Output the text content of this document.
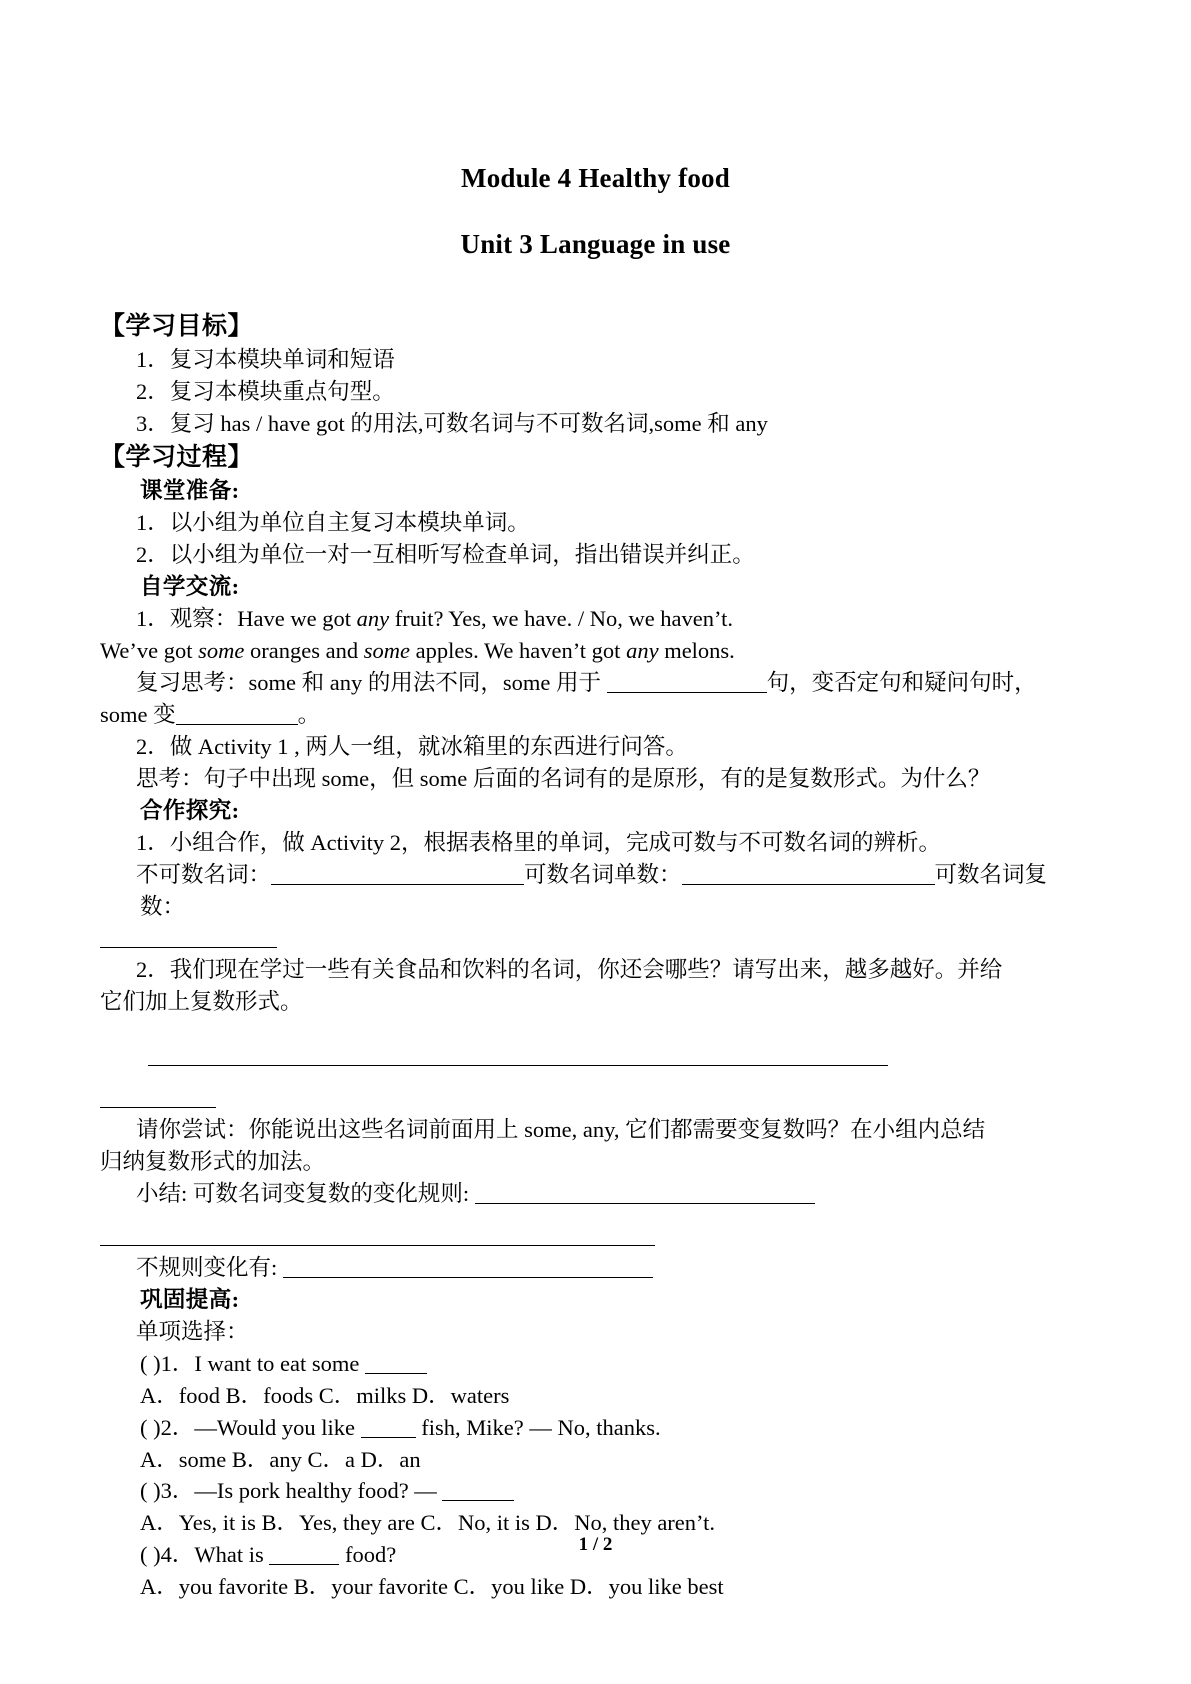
Module 4 Healthy food
Unit 3 Language in use

【学习目标】

1．复习本模块单词和短语

2．复习本模块重点句型。

3．复习 has / have got 的用法,可数名词与不可数名词,some 和 any

【学习过程】

课堂准备:

1．以小组为单位自主复习本模块单词。

2．以小组为单位一对一互相听写检查单词，指出错误并纠正。

自学交流:

1．观察：Have we got any fruit? Yes, we have. / No, we haven’t.

We’ve got some oranges and some apples. We haven’t got any melons.

复习思考：some 和 any 的用法不同，some 用于	句，变否定句和疑问句时，

some 变	。

2．做 Activity 1 , 两人一组，就冰箱里的东西进行问答。

思考：句子中出现 some，但 some 后面的名词有的是原形，有的是复数形式。为什么？

合作探究:

1．小组合作，做 Activity 2，根据表格里的单词，完成可数与不可数名词的辨析。

不可数名词：	可数名词单数：	可数名词复数：

2．我们现在学过一些有关食品和饮料的名词，你还会哪些？请写出来，越多越好。并给

它们加上复数形式。

请你尝试：你能说出这些名词前面用上 some, any, 它们都需要变复数吗？在小组内总结

归纳复数形式的加法。

小结: 可数名词变复数的变化规则:

不规则变化有:

巩固提高:

单项选择：

( )1．I want to eat some

A．food B．foods C．milks D．waters

( )2．—Would you like  fish, Mike? — No, thanks.

A．some B．any C．a D．an

( )3．—Is pork healthy food? —

A．Yes, it is B．Yes, they are C．No, it is D．No, they aren’t.

( )4．What is	food?

A．you favorite B．your favorite C．you like D．you like best

1 / 2
